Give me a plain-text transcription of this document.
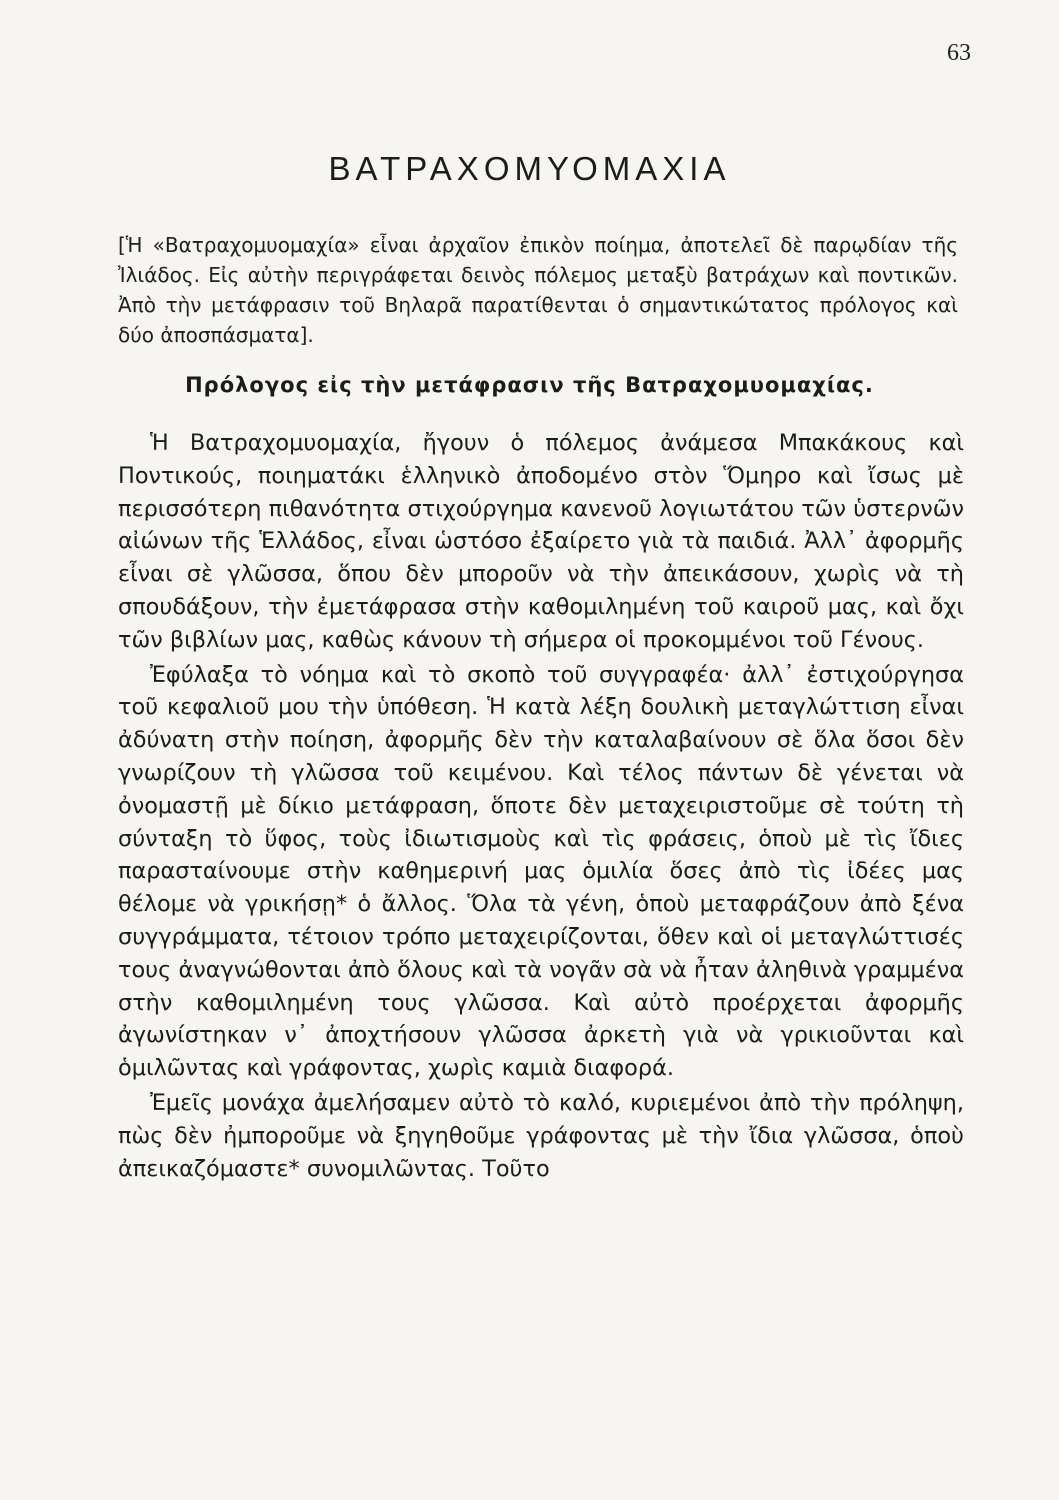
63
ΒΑΤΡΑΧΟΜΥΟΜΑΧΙΑ
[Ἡ «Βατραχομυομαχία» εἶναι ἀρχαῖον ἐπικὸν ποίημα, ἀποτελεῖ δὲ παρῳδίαν τῆς Ἰλιάδος. Εἰς αὐτὴν περιγράφεται δεινὸς πόλεμος μεταξὺ βατράχων καὶ ποντικῶν. Ἀπὸ τὴν μετάφρασιν τοῦ Βηλαρᾶ παρατίθενται ὁ σημαντικώτατος πρόλογος καὶ δύο ἀποσπάσματα].
Πρόλογος εἰς τὴν μετάφρασιν τῆς Βατραχομυομαχίας.

Ἡ Βατραχομυομαχία, ἤγουν ὁ πόλεμος ἀνάμεσα Μπακάκους καὶ Ποντικούς, ποιηματάκι ἑλληνικὸ ἀποδομένο στὸν Ὅμηρο καὶ ἴσως μὲ περισσότερη πιθανότητα στιχούργημα κανενοῦ λογιωτάτου τῶν ὑστερνῶν αἰώνων τῆς Ἑλλάδος, εἶναι ὡστόσο ἐξαίρετο γιὰ τὰ παιδιά. Ἀλλ᾽ ἀφορμῆς εἶναι σὲ γλῶσσα, ὅπου δὲν μποροῦν νὰ τὴν ἀπεικάσουν, χωρὶς νὰ τὴ σπουδάξουν, τὴν ἐμετάφρασα στὴν καθομιλημένη τοῦ καιροῦ μας, καὶ ὄχι τῶν βιβλίων μας, καθὼς κάνουν τὴ σήμερα οἱ προκομμένοι τοῦ Γένους.

Ἐφύλαξα τὸ νόημα καὶ τὸ σκοπὸ τοῦ συγγραφέα· ἀλλ᾽ ἐστιχούργησα τοῦ κεφαλιοῦ μου τὴν ὑπόθεση. Ἡ κατὰ λέξη δουλικὴ μεταγλώττιση εἶναι ἀδύνατη στὴν ποίηση, ἀφορμῆς δὲν τὴν καταλαβαίνουν σὲ ὅλα ὅσοι δὲν γνωρίζουν τὴ γλῶσσα τοῦ κειμένου. Καὶ τέλος πάντων δὲ γένεται νὰ ὀνομαστῇ μὲ δίκιο μετάφραση, ὅποτε δὲν μεταχειριστοῦμε σὲ τούτη τὴ σύνταξη τὸ ὕφος, τοὺς ἰδιωτισμοὺς καὶ τὶς φράσεις, ὁποὺ μὲ τὶς ἴδιες παρασταίνουμε στὴν καθημερινή μας ὁμιλία ὅσες ἀπὸ τὶς ἰδέες μας θέλομε νὰ γρικήσῃ* ὁ ἄλλος. Ὅλα τὰ γένη, ὁποὺ μεταφράζουν ἀπὸ ξένα συγγράμματα, τέτοιον τρόπο μεταχειρίζονται, ὅθεν καὶ οἱ μεταγλώττισές τους ἀναγνώθονται ἀπὸ ὅλους καὶ τὰ νογᾶν σὰ νὰ ἦταν ἀληθινὰ γραμμένα στὴν καθομιλημένη τους γλῶσσα. Καὶ αὐτὸ προέρχεται ἀφορμῆς ἀγωνίστηκαν ν᾽ ἀποχτήσουν γλῶσσα ἀρκετὴ γιὰ νὰ γρικιοῦνται καὶ ὁμιλῶντας καὶ γράφοντας, χωρὶς καμιὰ διαφορά.

Ἐμεῖς μονάχα ἀμελήσαμεν αὐτὸ τὸ καλό, κυριεμένοι ἀπὸ τὴν πρόληψη, πὼς δὲν ἠμποροῦμε νὰ ξηγηθοῦμε γράφοντας μὲ τὴν ἴδια γλῶσσα, ὁποὺ ἀπεικαζόμαστε* συνομιλῶντας. Τοῦτο
